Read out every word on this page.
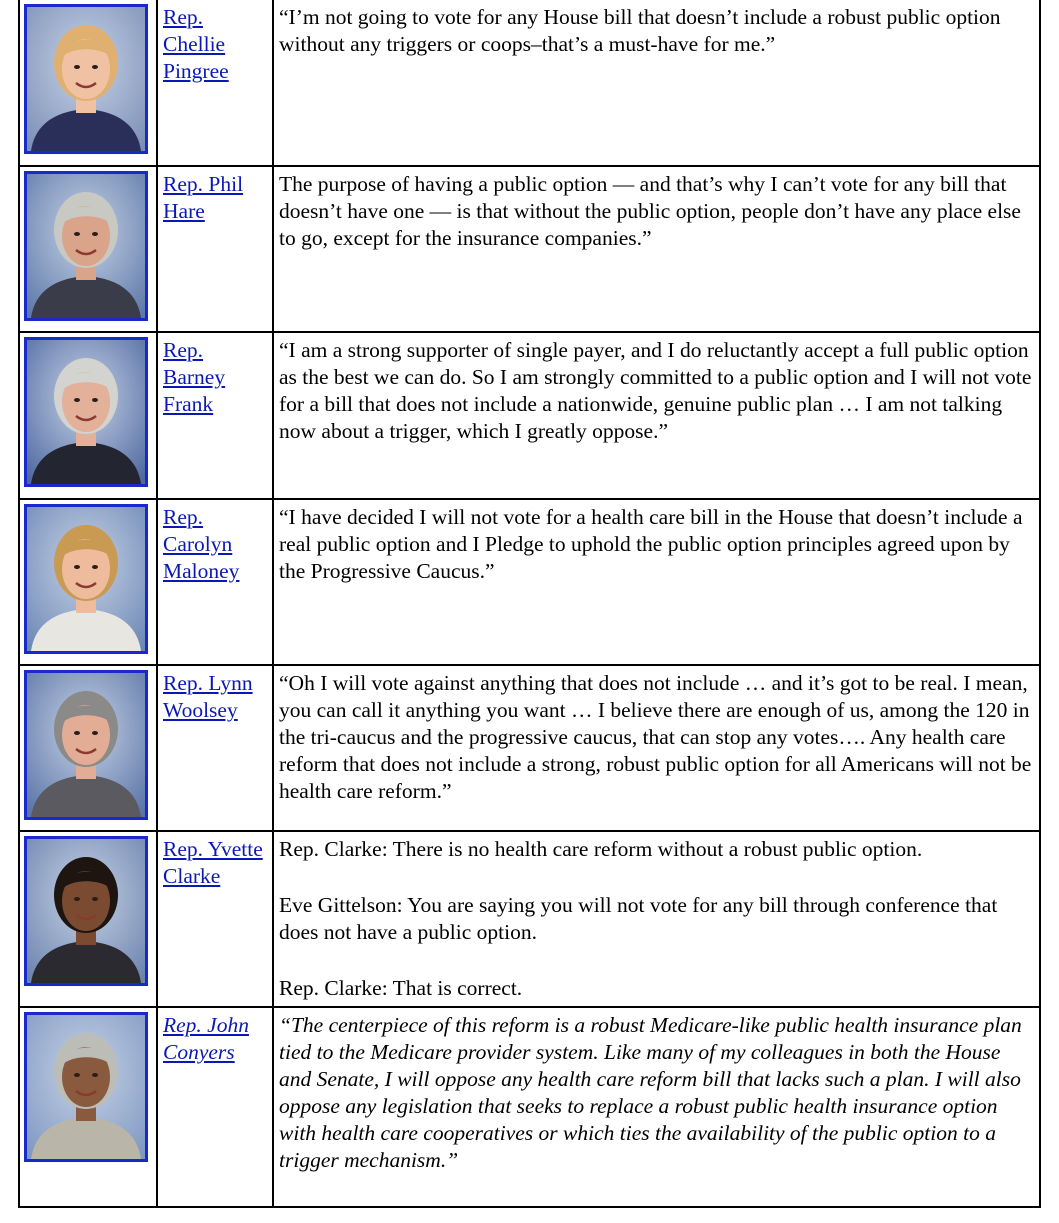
Rep. Chellie Pingree	“I’m not going to vote for any House bill that doesn’t include a robust public option without any triggers or coops–that’s a must-have for me.”

Rep. Phil Hare	The purpose of having a public option — and that’s why I can’t vote for any bill that doesn’t have one — is that without the public option, people don’t have any place else to go, except for the insurance companies.”

Rep. Barney Frank	“I am a strong supporter of single payer, and I do reluctantly accept a full public option as the best we can do. So I am strongly committed to a public option and I will not vote for a bill that does not include a nationwide, genuine public plan … I am not talking now about a trigger, which I greatly oppose.”

Rep. Carolyn Maloney	“I have decided I will not vote for a health care bill in the House that doesn’t include a real public option and I Pledge to uphold the public option principles agreed upon by the Progressive Caucus.”

Rep. Lynn Woolsey	“Oh I will vote against anything that does not include … and it’s got to be real. I mean, you can call it anything you want … I believe there are enough of us, among the 120 in the tri-caucus and the progressive caucus, that can stop any votes…. Any health care reform that does not include a strong, robust public option for all Americans will not be health care reform.”

Rep. Yvette Clarke	Rep. Clarke: There is no health care reform without a robust public option.

Eve Gittelson: You are saying you will not vote for any bill through conference that does not have a public option.

Rep. Clarke: That is correct.

Rep. John Conyers	“The centerpiece of this reform is a robust Medicare-like public health insurance plan tied to the Medicare provider system. Like many of my colleagues in both the House and Senate, I will oppose any health care reform bill that lacks such a plan. I will also oppose any legislation that seeks to replace a robust public health insurance option with health care cooperatives or which ties the availability of the public option to a trigger mechanism.”
